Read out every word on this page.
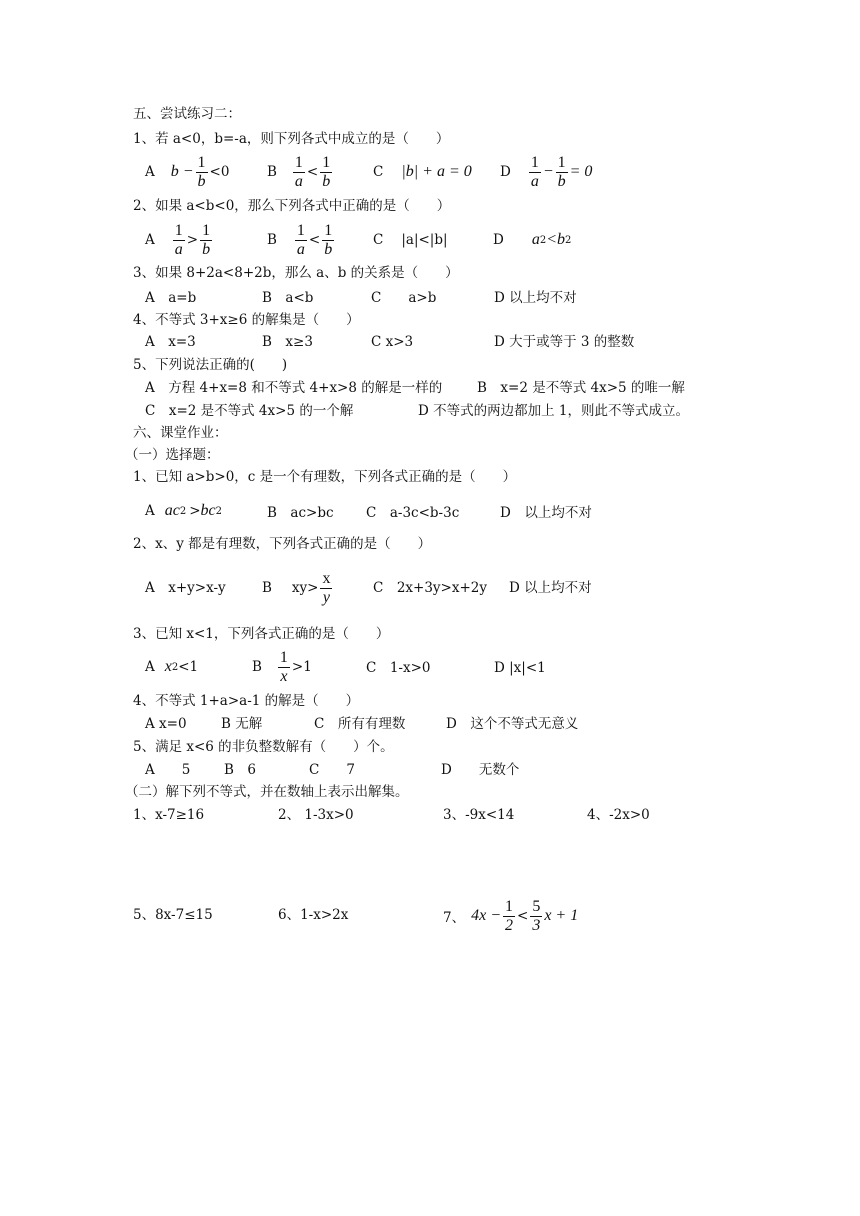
五、尝试练习二：
1、若 a<0，b=-a，则下列各式中成立的是（　　）
A $b - \frac{1}{b} <0$	B $\frac{1}{a} < \frac{1}{b}$	C |b| + a = 0 D $\frac{1}{a} - \frac{1}{b} = 0$
2、如果 a<b<0，那么下列各式中正确的是（　　）
A $\frac{1}{a} > \frac{1}{b}$	B $\frac{1}{a} < \frac{1}{b}$	C |a|<|b|	D a 2 < b 2
3、如果 8+2a<8+2b，那么 a、b 的关系是（　　）
A　a=b	B　a<b	C　　a>b	D 以上均不对
4、不等式 3+x≥6 的解集是（　　）
A　x=3	B　x≥3	C x>3	D 大于或等于 3 的整数
5、下列说法正确的(　　)
A　方程 4+x=8 和不等式 4+x>8 的解是一样的	B　x=2 是不等式 4x>5 的唯一解
C　x=2 是不等式 4x>5 的一个解	D 不等式的两边都加上 1，则此不等式成立。
六、课堂作业：
（一）选择题：
1、已知 a>b>0，c 是一个有理数，下列各式正确的是（　　）
A ac 2 > bc 2	B　ac>bc C　a-3c<b-3c	D　以上均不对
2、x、y 都是有理数，下列各式正确的是（　　）
A　x+y>x-y	B $xy> \frac{x}{y}$	C　2x+3y>x+2y D 以上均不对
3、已知 x<1，下列各式正确的是（　　）
A x 2 <1	B $\frac{1}{x} >1$	C　1-x>0	D |x|<1
4、不等式 1+a>a-1 的解是（　　）
A x=0	B 无解	C　所有有理数	D　这个不等式无意义
5、满足 x<6 的非负整数解有（　　）个。
A　　5 B　6	C　　7	D　　无数个
（二）解下列不等式，并在数轴上表示出解集。
1、x-7≥16	2、 1-3x>0	3、-9x<14	4、-2x>0
5、8x-7≤15	6、1-x>2x	7、 $4x - \frac{1}{2} < \frac{5}{3}$ x + 1
